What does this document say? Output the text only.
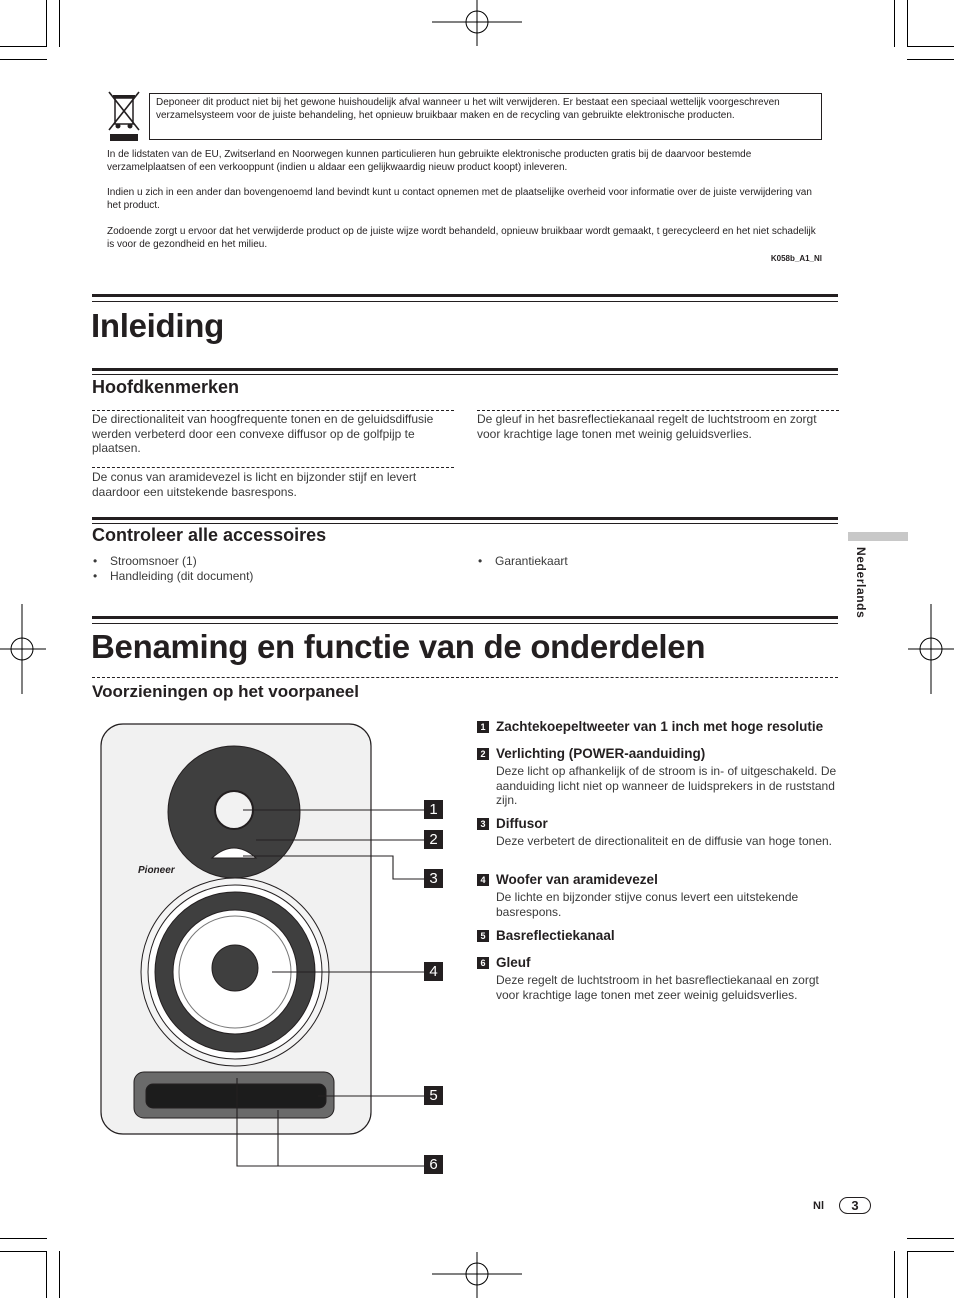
Deponeer dit product niet bij het gewone huishoudelijk afval wanneer u het wilt verwijderen. Er bestaat een speciaal wettelijk voorgeschreven verzamelsysteem voor de juiste behandeling, het opnieuw bruikbaar maken en de recycling van gebruikte elektronische producten.

In de lidstaten van de EU, Zwitserland en Noorwegen kunnen particulieren hun gebruikte elektronische producten gratis bij de daarvoor bestemde verzamelplaatsen of een verkooppunt (indien u aldaar een gelijkwaardig nieuw product koopt) inleveren.

Indien u zich in een ander dan bovengenoemd land bevindt kunt u contact opnemen met de plaatselijke overheid voor informatie over de juiste verwijdering van het product.

Zodoende zorgt u ervoor dat het verwijderde product op de juiste wijze wordt behandeld, opnieuw bruikbaar wordt gemaakt, t gerecycleerd en het niet schadelijk is voor de gezondheid en het milieu.

K058b_A1_Nl
Inleiding
Hoofdkenmerken

De directionaliteit van hoogfrequente tonen en de geluidsdiffusie werden verbeterd door een convexe diffusor op de golfpijp te plaatsen.

De conus van aramidevezel is licht en bijzonder stijf en levert daardoor een uitstekende basrespons.

De gleuf in het basreflectiekanaal regelt de luchtstroom en zorgt voor krachtige lage tonen met weinig geluidsverlies.

Controleer alle accessoires
• Stroomsnoer (1)
• Handleiding (dit document)
• Garantiekaart	Nederlands
Benaming en functie van de onderdelen
Voorzieningen op het voorpaneel
Pioneer
1
2
3
4
5
6
1 Zachtekoepeltweeter van 1 inch met hoge resolutie
2 Verlichting (POWER-aanduiding)

Deze licht op afhankelijk of de stroom is in- of uitgeschakeld. De aanduiding licht niet op wanneer de luidsprekers in de ruststand zijn.

3 Diffusor

Deze verbetert de directionaliteit en de diffusie van hoge tonen.

4 Woofer van aramidevezel

De lichte en bijzonder stijve conus levert een uitstekende basrespons.

5 Basreflectiekanaal
6 Gleuf

Deze regelt de luchtstroom in het basreflectiekanaal en zorgt voor krachtige lage tonen met zeer weinig geluidsverlies.

Nl	3
